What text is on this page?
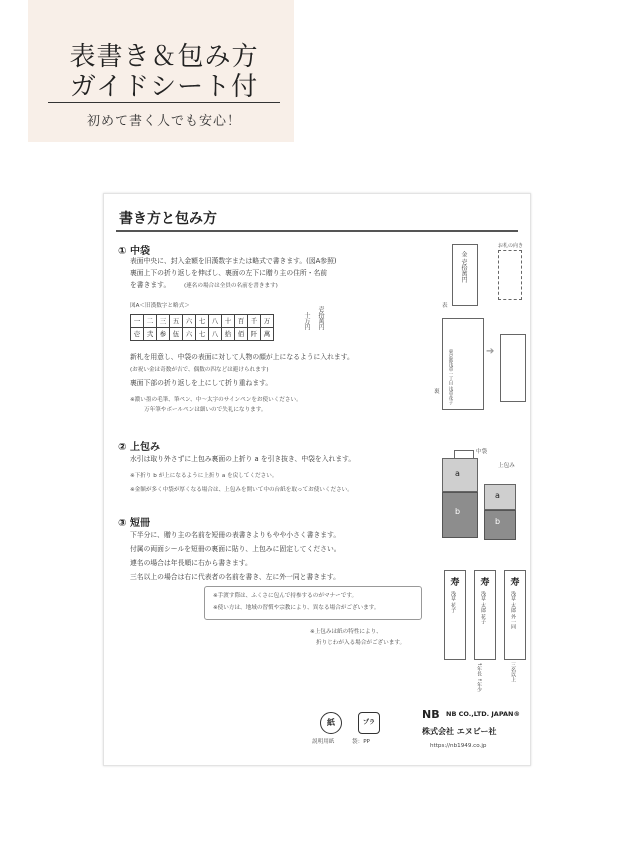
表書き＆包み方
ガイドシート付
初めて書く人でも安心！
書き方と包み方
① 中袋
表面中央に、封入金額を旧漢数字または略式で書きます。(図A参照)
裏面上下の折り返しを伸ばし、裏面の左下に贈り主の住所・名前
を書きます。 (連名の場合は全員の名前を書きます)
図A＜旧漢数字と略式＞
一	二	三	五	六	七	八	十	百	千	万
壱	弐	参	伍	六	七	八	拾	佰	阡	萬
十万円 壱拾萬円
新札を用意し、中袋の表面に対して人物の顔が上になるように入れます。
(お祝い金は奇数が吉で、偶数の四などは避けられます)
裏面下部の折り返しを上にして折り重ねます。
※濃い墨の毛筆、筆ペン、中～太字のサインペンをお使いください。
万年筆やボールペンは細いので失礼になります。
金 壱拾萬円
表
お札の向き
東京都浅草一丁目 浅草花子
裏
➔
② 上包み
水引は取り外さずに上包み裏面の上折り a を引き抜き、中袋を入れます。
※下折り b が上になるように上折り a を戻してください。
※金額が多く中袋が厚くなる場合は、上包みを開いて中の台紙を取ってお使いください。
中袋
上包み
a
b
a
b
③ 短冊
下半分に、贈り主の名前を短冊の表書きよりもやや小さく書きます。
付属の両面シールを短冊の裏面に貼り、上包みに固定してください。
連名の場合は年長順に右から書きます。
三名以上の場合は右に代表者の名前を書き、左に外一同と書きます。
※手渡す際は、ふくさに包んで持参するのがマナーです。
※使い方は、地域の習慣や宗教により、異なる場合がございます。
※上包みは紙の特性により、
折りじわが入る場合がございます。
寿
浅草 花子
寿
浅草 太郎 花子
↑年長 ↑年少
寿
浅草 太郎 外一同
三名以上
紙
説明用紙
プラ
袋：PP
NB NB CO.,LTD. JAPAN®
株式会社 エヌビー社
https://nb1949.co.jp
